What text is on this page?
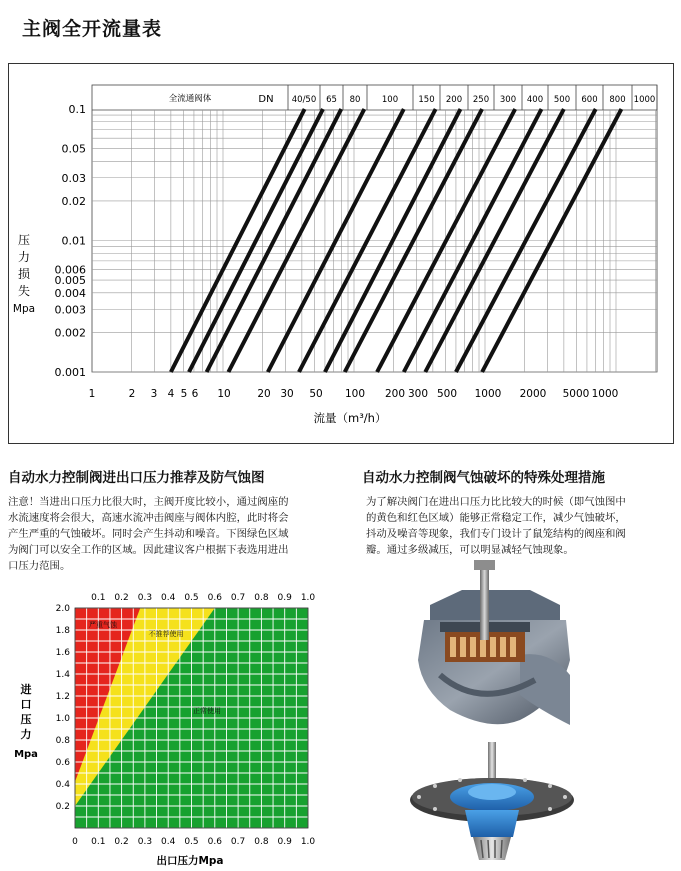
主阀全开流量表
全流通阀体	DN 40/50 65 80	100 150 200 250 300 400 500 600 800 1000
0.1
0.05
0.03
0.02
0.01
0.006
0.005
0.004
0.003
0.002
0.001
压
力
损
失
Mpa
1	2 3 4 5 6 10	20 30 50 100 200 300 500 1000 2000 5000 1000
流量（m³/h）
自动水力控制阀进出口压力推荐及防气蚀图
注意！当进出口压力比很大时，主阀开度比较小，通过阀座的
水流速度将会很大，高速水流冲击阀座与阀体内腔，此时将会
产生严重的气蚀破坏。同时会产生抖动和噪音。下图绿色区域
为阀门可以安全工作的区域。因此建议客户根据下表选用进出
口压力范围。
自动水力控制阀气蚀破坏的特殊处理措施
为了解决阀门在进出口压力比比较大的时候（即气蚀图中
的黄色和红色区域）能够正常稳定工作，减少气蚀破坏，
抖动及噪音等现象，我们专门设计了鼠笼结构的阀座和阀
瓣。通过多级减压，可以明显减轻气蚀现象。
严重气蚀
不推荐使用
正常使用
0.1 0.2 0.3 0.4 0.5 0.6 0.7 0.8 0.9 1.0
0 0.1 0.2 0.3 0.4 0.5 0.6 0.7 0.8 0.9 1.0
2.0
1.8
1.6
1.4
1.2
1.0
0.8
0.6
0.4
0.2
进
口
压
力
Mpa
出口压力Mpa
